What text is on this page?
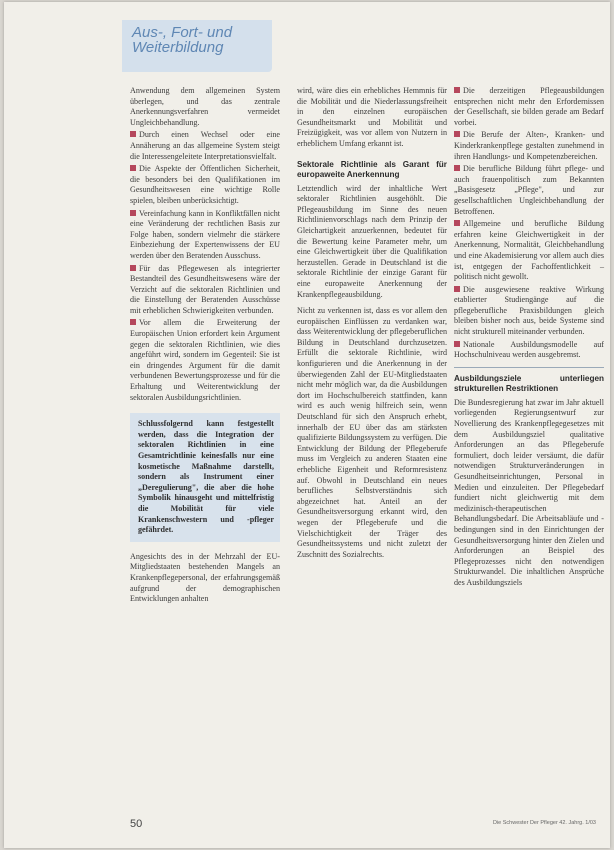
Aus-, Fort- und
Weiterbildung

Anwendung dem allgemeinen System überlegen, und das zentrale Anerkennungsverfahren vermeidet Ungleichbehandlung.

Durch einen Wechsel oder eine Annäherung an das allgemeine System steigt die Interessengeleitete Interpretationsvielfalt.

Die Aspekte der Öffentlichen Sicherheit, die besonders bei den Qualifikationen im Gesundheitswesen eine wichtige Rolle spielen, bleiben unberücksichtigt.

Vereinfachung kann in Konfliktfällen nicht eine Veränderung der rechtlichen Basis zur Folge haben, sondern vielmehr die stärkere Einbeziehung der Expertenwissens der EU werden über den Beratenden Ausschuss.

Für das Pflegewesen als integrierter Bestandteil des Gesundheitswesens wäre der Verzicht auf die sektoralen Richtlinien und die Einstellung der Beratenden Ausschüsse mit erheblichen Schwierigkeiten verbunden.

Vor allem die Erweiterung der Europäischen Union erfordert kein Argument gegen die sektoralen Richtlinien, wie dies angeführt wird, sondern im Gegenteil: Sie ist ein dringendes Argument für die damit verbundenen Bewertungsprozesse und für die Erhaltung und Weiterentwicklung der sektoralen Ausbildungsrichtlinien.

Schlussfolgernd kann festgestellt werden, dass die Integration der sektoralen Richtlinien in eine Gesamtrichtlinie keinesfalls nur eine kosmetische Maßnahme darstellt, sondern als Instrument einer „Deregulierung", die aber die hohe Symbolik hinausgeht und mittelfristig die Mobilität für viele Krankenschwestern und -pfleger gefährdet.

Angesichts des in der Mehrzahl der EU-Mitgliedstaaten bestehenden Mangels an Krankenpflegepersonal, der erfahrungsgemäß aufgrund der demographischen Entwicklungen anhalten

wird, wäre dies ein erhebliches Hemmnis für die Mobilität und die Niederlassungsfreiheit in den einzelnen europäischen Gesundheitsmarkt und Mobilität und Freizügigkeit, was vor allem von Nutzern in erheblichem Umfang erkannt ist.

Sektorale Richtlinie als Garant für europaweite Anerkennung

Letztendlich wird der inhaltliche Wert sektoraler Richtlinien ausgehöhlt. Die Pflegeausbildung im Sinne des neuen Richtlinienvorschlags nach dem Prinzip der Gleichartigkeit anzuerkennen, bedeutet für die Bewertung keine Parameter mehr, um eine Gleichwertigkeit über die Qualifikation herzustellen. Gerade in Deutschland ist die sektorale Richtlinie der einzige Garant für eine europaweite Anerkennung der Krankenpflegeausbildung.

Nicht zu verkennen ist, dass es vor allem den europäischen Einflüssen zu verdanken war, dass Weiterentwicklung der pflegeberuflichen Bildung in Deutschland durchzusetzen. Erfüllt die sektorale Richtlinie, wird konfigurieren und die Anerkennung in der überwiegenden Zahl der EU-Mitgliedstaaten nicht mehr möglich war, da die Ausbildungen dort im Hochschulbereich stattfinden, kann wird es auch wenig hilfreich sein, wenn Deutschland für sich den Anspruch erhebt, innerhalb der EU über das am stärksten qualifizierte Bildungssystem zu verfügen. Die Entwicklung der Bildung der Pflegeberufe muss im Vergleich zu anderen Staaten eine erhebliche Eigenheit und Reformresistenz auf. Obwohl in Deutschland ein neues berufliches Selbstverständnis sich abgezeichnet hat. Anteil an der Gesundheitsversorgung erkannt wird, den wegen der Pflegeberufe und die Vielschichtigkeit der Träger des Gesundheitssystems und nicht zuletzt der Zuschnitt des Sozialrechts.

Die derzeitigen Pflegeausbildungen entsprechen nicht mehr den Erfordernissen der Gesellschaft, sie bilden gerade am Bedarf vorbei.

Die Berufe der Alten-, Kranken- und Kinderkrankenpflege gestalten zunehmend in ihren Handlungs- und Kompetenzbereichen.

Die berufliche Bildung führt pflege- und auch frauenpolitisch zum Bekannten „Basisgesetz „Pflege", und zur gesellschaftlichen Ungleichbehandlung der Betroffenen.

Allgemeine und berufliche Bildung erfahren keine Gleichwertigkeit in der Anerkennung, Normalität, Gleichbehandlung und eine Akademisierung vor allem auch dies ist, entgegen der Fachoffentlichkeit – politisch nicht gewollt.

Die ausgewiesene reaktive Wirkung etablierter Studiengänge auf die pflegeberufliche Praxisbildungen gleich bleiben bisher noch aus, beide Systeme sind nicht strukturell miteinander verbunden.

Nationale Ausbildungsmodelle auf Hochschulniveau werden ausgebremst.

Ausbildungsziele unterliegen strukturellen Restriktionen

Die Bundesregierung hat zwar im Jahr aktuell vorliegenden Regierungsentwurf zur Novellierung des Krankenpflegegesetzes mit dem Ausbildungsziel qualitative Anforderungen an das Pflegeberufe formuliert, doch leider versäumt, die dafür notwendigen Strukturveränderungen in Gesundheitseinrichtungen, Personal in Medien und einzuleiten. Der Pflegebedarf fundiert nicht gleichwertig mit dem medizinisch-therapeutischen Behandlungsbedarf. Die Arbeitsabläufe und -bedingungen sind in den Einrichtungen der Gesundheitsversorgung hinter den Zielen und Anforderungen an Beispiel des Pflegeprozesses nicht den notwendigen Strukturwandel. Die inhaltlichen Ansprüche des Ausbildungsziels

50	Die Schwester Der Pfleger 42. Jahrg. 1/03
